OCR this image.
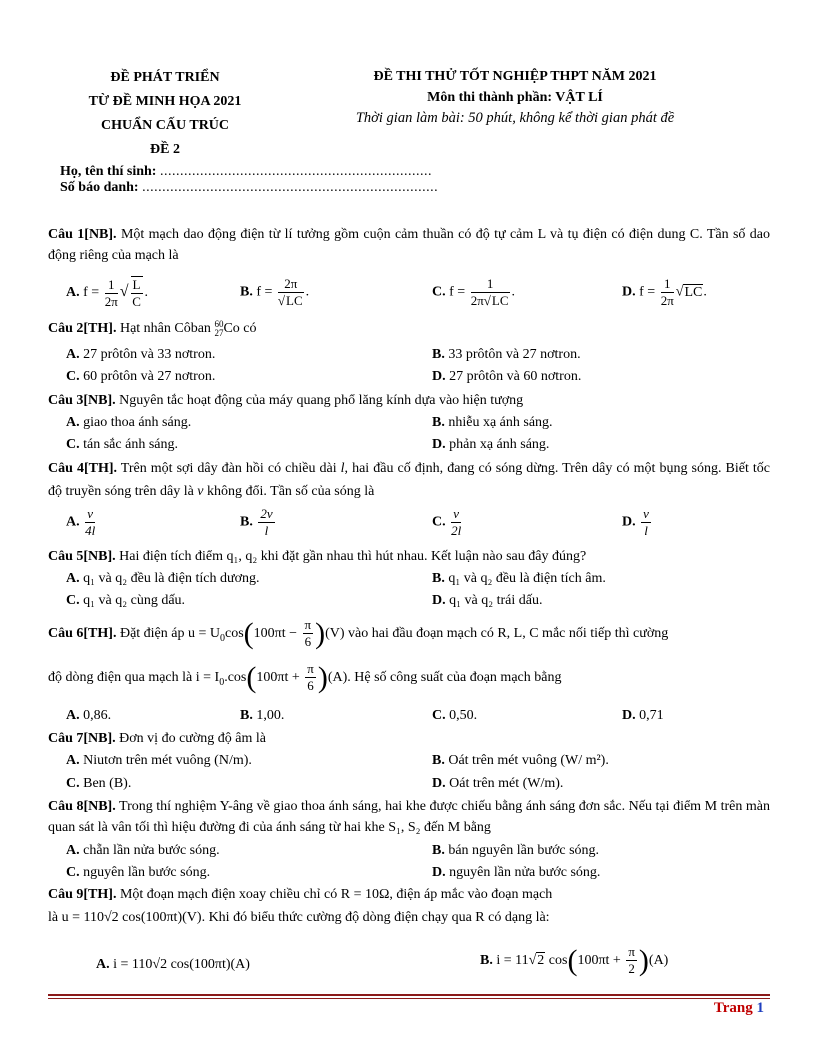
ĐỀ PHÁT TRIỂN
TỪ ĐỀ MINH HỌA 2021
CHUẨN CẤU TRÚC
ĐỀ 2
ĐỀ THI THỬ TỐT NGHIỆP THPT NĂM 2021
Môn thi thành phần: VẬT LÍ
Thời gian làm bài: 50 phút, không kể thời gian phát đề
Họ, tên thí sinh: ....................................................................
Số báo danh: ..........................................................................
Câu 1[NB]. Một mạch dao động điện từ lí tưởng gồm cuộn cảm thuần có độ tự cảm L và tụ điện có điện dung C. Tần số dao động riêng của mạch là
A. $f = \frac{1}{2\pi}$ √ $\frac{L}{C}$ .	B. $f = \frac{2\pi}{√LC}$ .	C. $f = \frac{1}{2\pi√LC}$ .	D. $f = \frac{1}{2\pi} √LC$.
Câu 2[TH]. Hạt nhân Côban 60
27 Co có
A. 27 prôtôn và 33 nơtron.	B. 33 prôtôn và 27 nơtron.
C. 60 prôtôn và 27 nơtron.	D. 27 prôtôn và 60 nơtron.
Câu 3[NB]. Nguyên tắc hoạt động của máy quang phổ lăng kính dựa vào hiện tượng
A. giao thoa ánh sáng.	B. nhiễu xạ ánh sáng.
C. tán sắc ánh sáng.	D. phản xạ ánh sáng.
Câu 4[TH]. Trên một sợi dây đàn hồi có chiều dài l, hai đầu cố định, đang có sóng dừng. Trên dây có một bụng sóng. Biết tốc độ truyền sóng trên dây là v không đổi. Tần số của sóng là
A. $\frac{v}{4l}$	B. $\frac{2v}{l}$	C. $\frac{v}{2l}$	D. $\frac{v}{l}$
Câu 5[NB]. Hai điện tích điểm q₁, q₂ khi đặt gần nhau thì hút nhau. Kết luận nào sau đây đúng?
A. q₁ và q₂ đều là điện tích dương.	B. q₁ và q₂ đều là điện tích âm.
C. q₁ và q₂ cùng dấu.	D. q₁ và q₂ trái dấu.
Câu 6[TH]. Đặt điện áp $u = U_0\cos(100\pi t - \frac{\pi}{6} )(V)$ vào hai đầu đoạn mạch có R, L, C mắc nối tiếp thì cường
độ dòng điện qua mạch là $i = I_0.\cos(100\pi t + \frac{\pi}{6} )(A)$. Hệ số công suất của đoạn mạch bằng
A. 0,86.	B. 1,00.	C. 0,50.	D. 0,71
Câu 7[NB]. Đơn vị đo cường độ âm là
A. Niutơn trên mét vuông (N/m).	B. Oát trên mét vuông (W/ m²).
C. Ben (B).	D. Oát trên mét (W/m).
Câu 8[NB]. Trong thí nghiệm Y-âng về giao thoa ánh sáng, hai khe được chiếu bằng ánh sáng đơn sắc. Nếu tại điểm M trên màn quan sát là vân tối thì hiệu đường đi của ánh sáng từ hai khe S₁, S₂ đến M bằng
A. chẵn lần nửa bước sóng.	B. bán nguyên lần bước sóng.
C. nguyên lần bước sóng.	D. nguyên lần nửa bước sóng.
Câu 9[TH]. Một đoạn mạch điện xoay chiều chỉ có R = 10Ω, điện áp mắc vào đoạn mạch
là u = 110√2 cos(100πt)(V). Khi đó biểu thức cường độ dòng điện chạy qua R có dạng là:
A. i = 110√2 cos(100πt)(A)	B. i = 11√2 $\cos(100\pi t + \frac{\pi}{2} )(A)$
Trang 1
